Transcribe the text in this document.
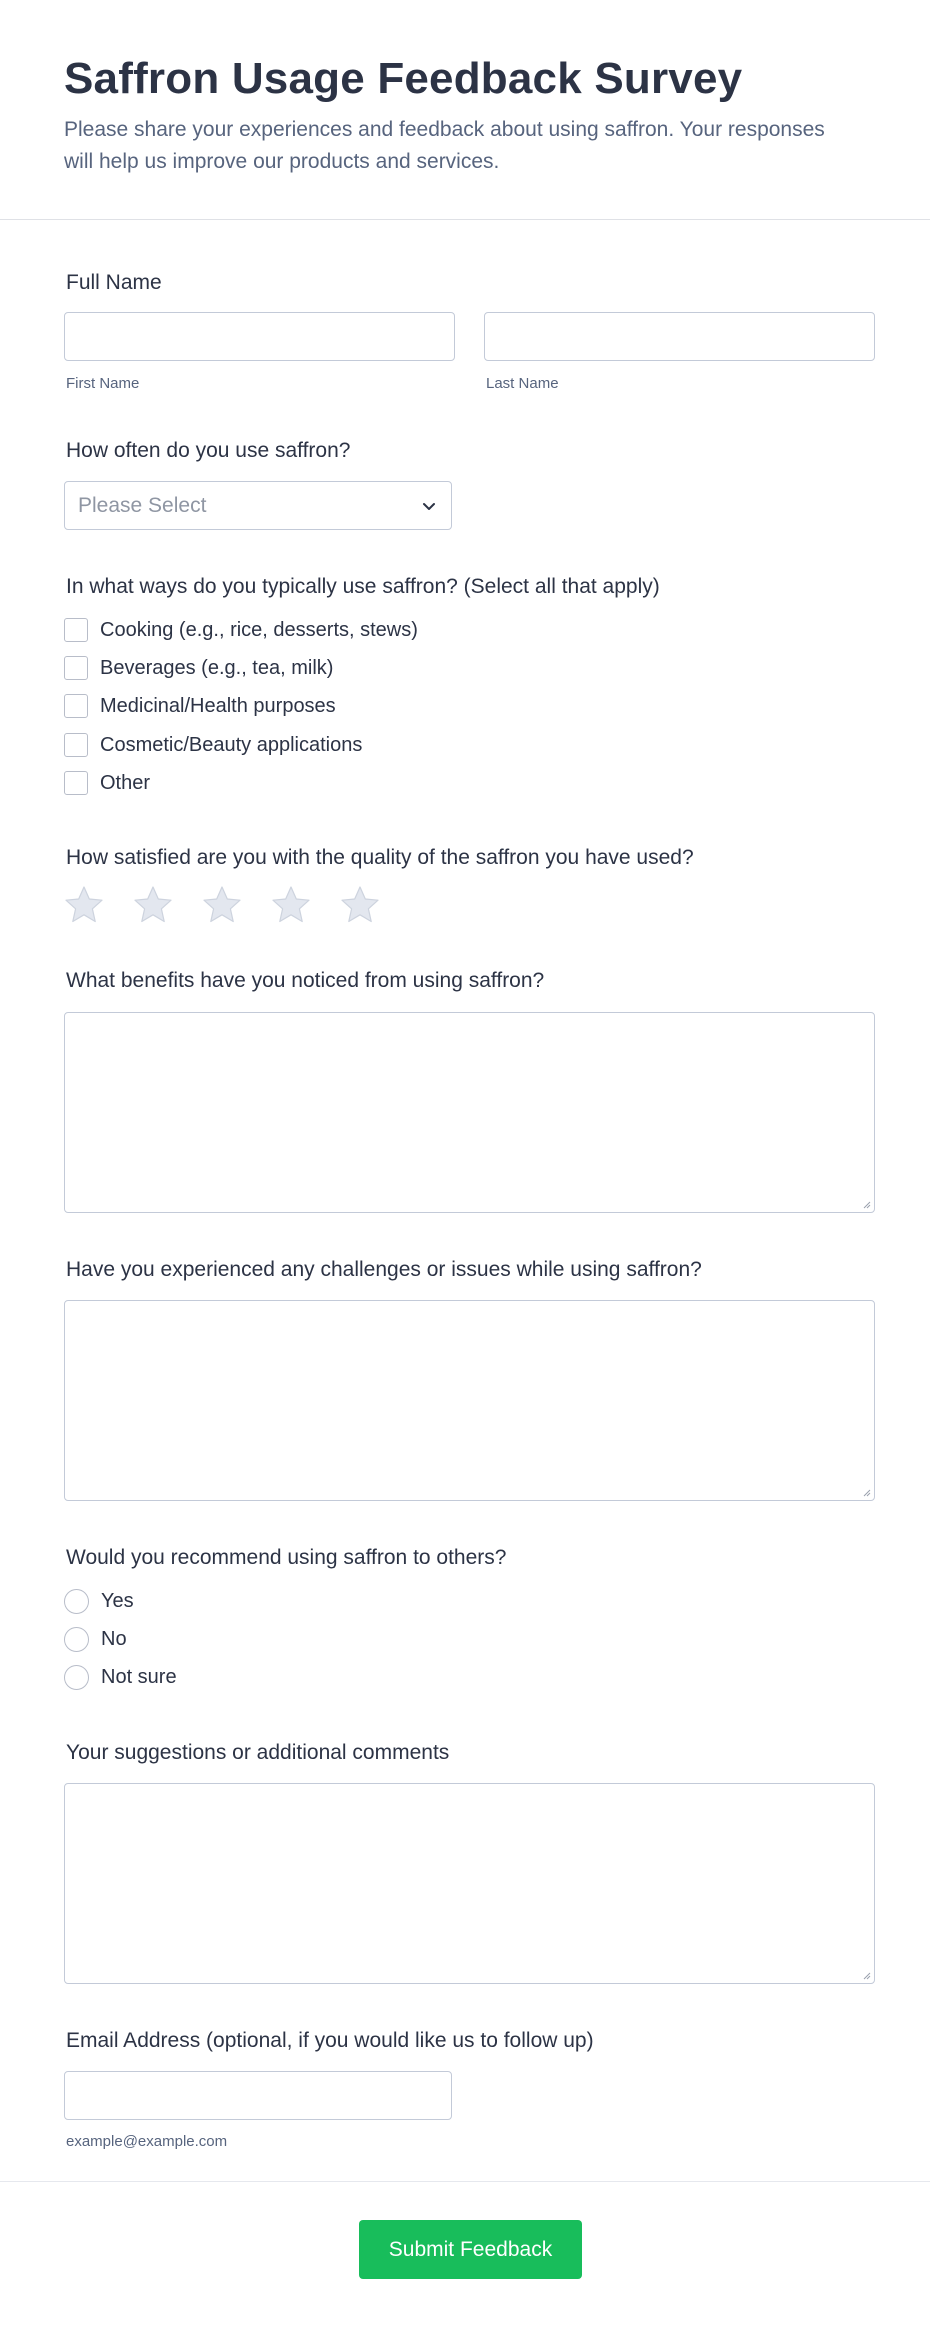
Saffron Usage Feedback Survey

Please share your experiences and feedback about using saffron. Your responses will help us improve our products and services.

Full Name
First Name	Last Name
How often do you use saffron?
Please Select
In what ways do you typically use saffron? (Select all that apply)
Cooking (e.g., rice, desserts, stews)
Beverages (e.g., tea, milk)
Medicinal/Health purposes
Cosmetic/Beauty applications
Other
How satisfied are you with the quality of the saffron you have used?
What benefits have you noticed from using saffron?
Have you experienced any challenges or issues while using saffron?
Would you recommend using saffron to others?
Yes
No
Not sure
Your suggestions or additional comments
Email Address (optional, if you would like us to follow up)
example@example.com
Submit Feedback
